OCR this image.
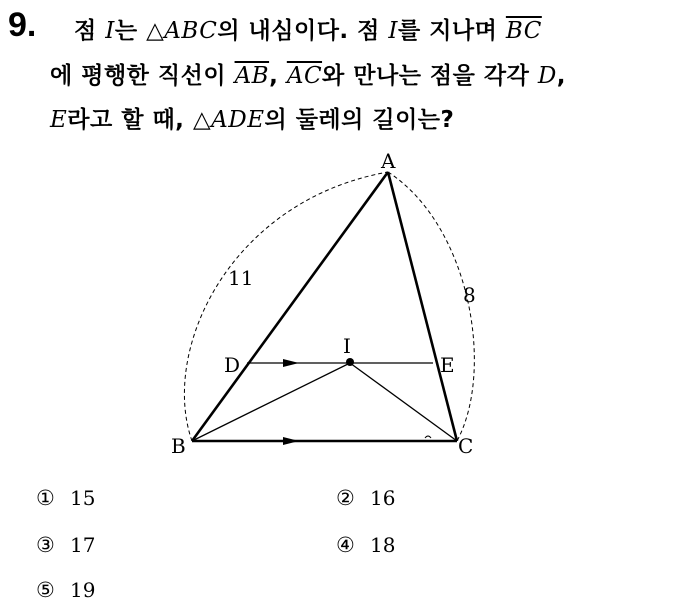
9. 점 I는 △ABC의 내심이다. 점 I를 지나며 $\overline{BC}$
에 평행한 직선이 $\overline{AB}$, $\overline{AC}$와 만나는 점을 각각 D,
E라고 할 때, △ADE의 둘레의 길이는?
A
B	C
D	E
I
11
8
① 15	② 16
③ 17	④ 18
⑤ 19
